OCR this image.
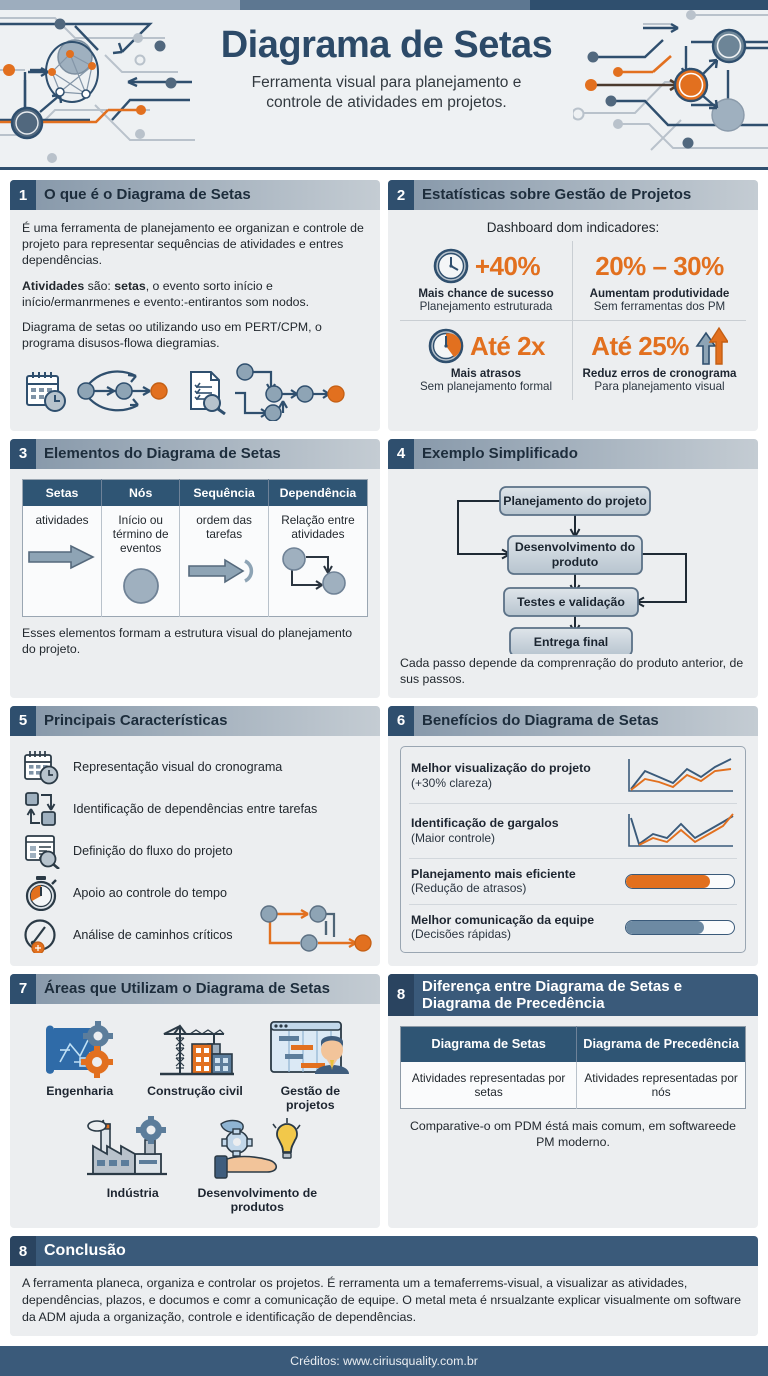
Diagrama de Setas
Ferramenta visual para planejamento e
controle de atividades em projetos.
1	O que é o Diagrama de Setas

É uma ferramenta de planejamento ee organizan e controle de projeto para representar sequências de atividades e entres dependências.

Atividades são: setas, o evento sorto início e início/ermanrmenes e evento:-entirantos som nodos.

Diagrama de setas oo utilizando uso em PERT/CPM, o programa disusos-flowa diegramias.

2	Estatísticas sobre Gestão de Projetos
Dashboard dom indicadores:
+40%
Mais chance de sucesso
Planejamento estruturada
20% – 30%
Aumentam produtividade
Sem ferramentas dos PM
Até 2x
Mais atrasos
Sem planejamento formal
Até 25%
Reduz erros de cronograma
Para planejamento visual
3	Elementos do Diagrama de Setas
Setas	Nós	Sequência	Dependência

atividades	Início ou término de eventos	ordem das tarefas	Relação entre atividades
Esses elementos formam a estrutura visual do planejamento do projeto.
4	Exemplo Simplificado
Planejamento do projeto
Desenvolvimento do produto
Testes e validação
Entrega final
Cada passo depende da comprenração do produto anterior, de sus passos.
5	Principais Características
Representação visual do cronograma
Identificação de dependências entre tarefas
Definição do fluxo do projeto
Apoio ao controle do tempo
Análise de caminhos críticos
6	Benefícios do Diagrama de Setas
Melhor visualização do projeto
(+30% clareza)
Identificação de gargalos
(Maior controle)
Planejamento mais eficiente
(Redução de atrasos)
Melhor comunicação da equipe
(Decisões rápidas)
7	Áreas que Utilizam o Diagrama de Setas
Engenharia	Construção civil	Gestão de projetos
Indústria	Desenvolvimento de produtos
8
Diferença entre Diagrama de Setas e
Diagrama de Precedência
Diagrama de Setas	Diagrama de Precedência
Atividades representadas por setas	Atividades representadas por nós
Comparative-o om PDM éstá mais comum, em softwareede PM moderno.
8	Conclusão

A ferramenta planeca, organiza e controlar os projetos. É rerramenta um a temaferrems-visual, a visualizar as atividades, dependências, plazos, e documos e comr a comunicação de equipe. O metal meta é nrsualzante explicar visualmente om software da ADM ajuda a organização, controle e identificação de dependências.

Créditos: www.ciriusquality.com.br
